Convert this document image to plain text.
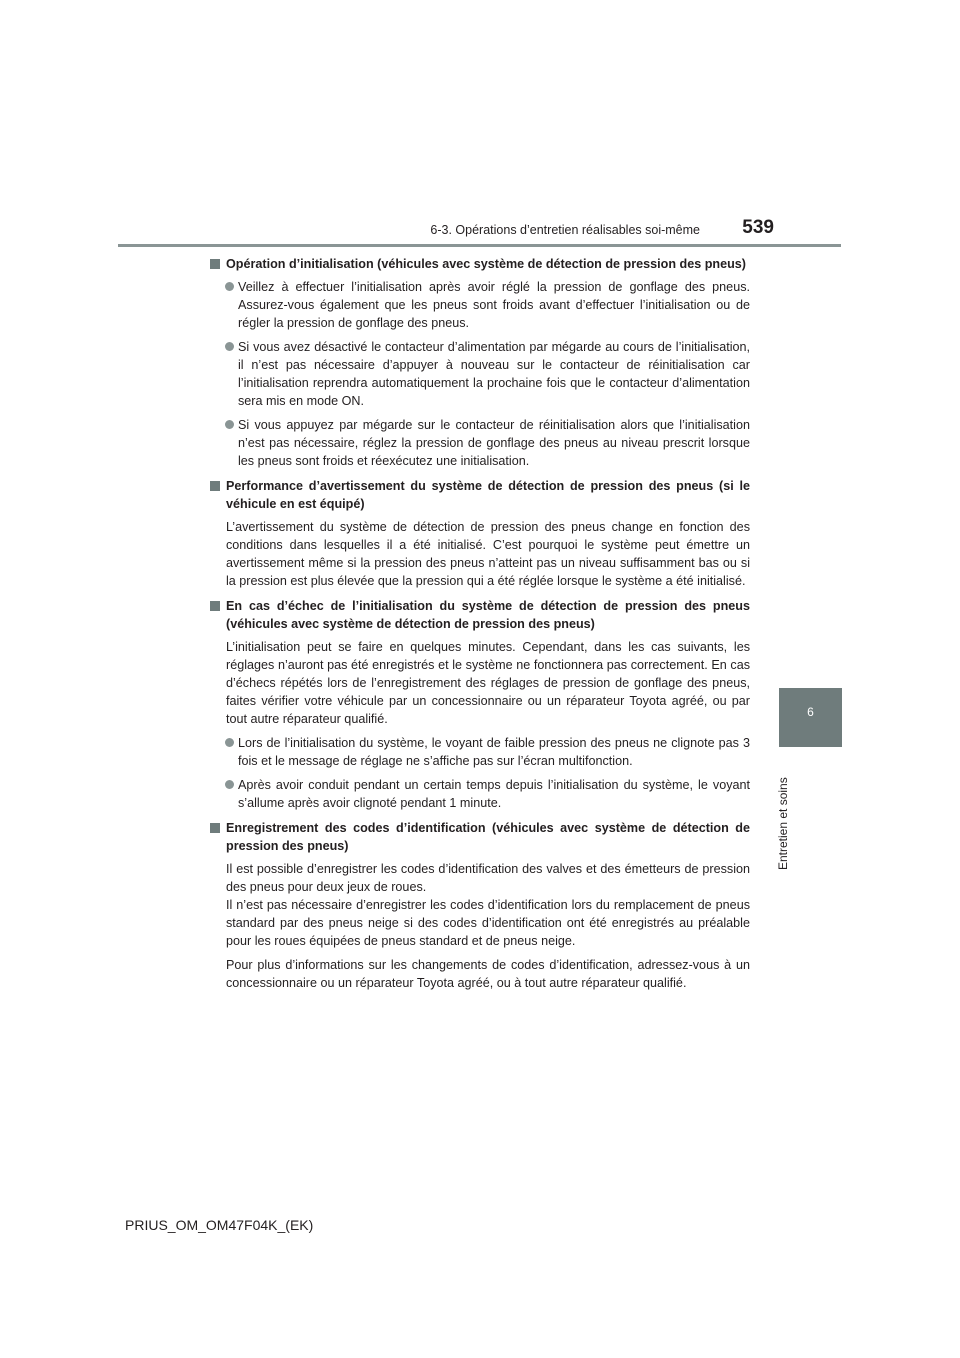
6-3. Opérations d’entretien réalisables soi-même	539
6
Entretien et soins
Opération d’initialisation (véhicules avec système de détection de pression des pneus)
Veillez à effectuer l’initialisation après avoir réglé la pression de gonflage des pneus. Assurez-vous également que les pneus sont froids avant d’effectuer l’initialisation ou de régler la pression de gonflage des pneus.
Si vous avez désactivé le contacteur d’alimentation par mégarde au cours de l’initialisation, il n’est pas nécessaire d’appuyer à nouveau sur le contacteur de réinitialisation car l’initialisation reprendra automatiquement la prochaine fois que le contacteur d’alimentation sera mis en mode ON.
Si vous appuyez par mégarde sur le contacteur de réinitialisation alors que l’initialisation n’est pas nécessaire, réglez la pression de gonflage des pneus au niveau prescrit lorsque les pneus sont froids et réexécutez une initialisation.
Performance d’avertissement du système de détection de pression des pneus (si le véhicule en est équipé)
L’avertissement du système de détection de pression des pneus change en fonction des conditions dans lesquelles il a été initialisé. C’est pourquoi le système peut émettre un avertissement même si la pression des pneus n’atteint pas un niveau suffisamment bas ou si la pression est plus élevée que la pression qui a été réglée lorsque le système a été initialisé.
En cas d’échec de l’initialisation du système de détection de pression des pneus (véhicules avec système de détection de pression des pneus)
L’initialisation peut se faire en quelques minutes. Cependant, dans les cas suivants, les réglages n’auront pas été enregistrés et le système ne fonctionnera pas correctement. En cas d’échecs répétés lors de l’enregistrement des réglages de pression de gonflage des pneus, faites vérifier votre véhicule par un concessionnaire ou un réparateur Toyota agréé, ou par tout autre réparateur qualifié.
Lors de l’initialisation du système, le voyant de faible pression des pneus ne clignote pas 3 fois et le message de réglage ne s’affiche pas sur l’écran multifonction.
Après avoir conduit pendant un certain temps depuis l’initialisation du système, le voyant s’allume après avoir clignoté pendant 1 minute.
Enregistrement des codes d’identification (véhicules avec système de détection de pression des pneus)
Il est possible d’enregistrer les codes d’identification des valves et des émetteurs de pression des pneus pour deux jeux de roues.
Il n’est pas nécessaire d’enregistrer les codes d’identification lors du remplacement de pneus standard par des pneus neige si des codes d’identification ont été enregistrés au préalable pour les roues équipées de pneus standard et de pneus neige.
Pour plus d’informations sur les changements de codes d’identification, adressez-vous à un concessionnaire ou un réparateur Toyota agréé, ou à tout autre réparateur qualifié.
PRIUS_OM_OM47F04K_(EK)
